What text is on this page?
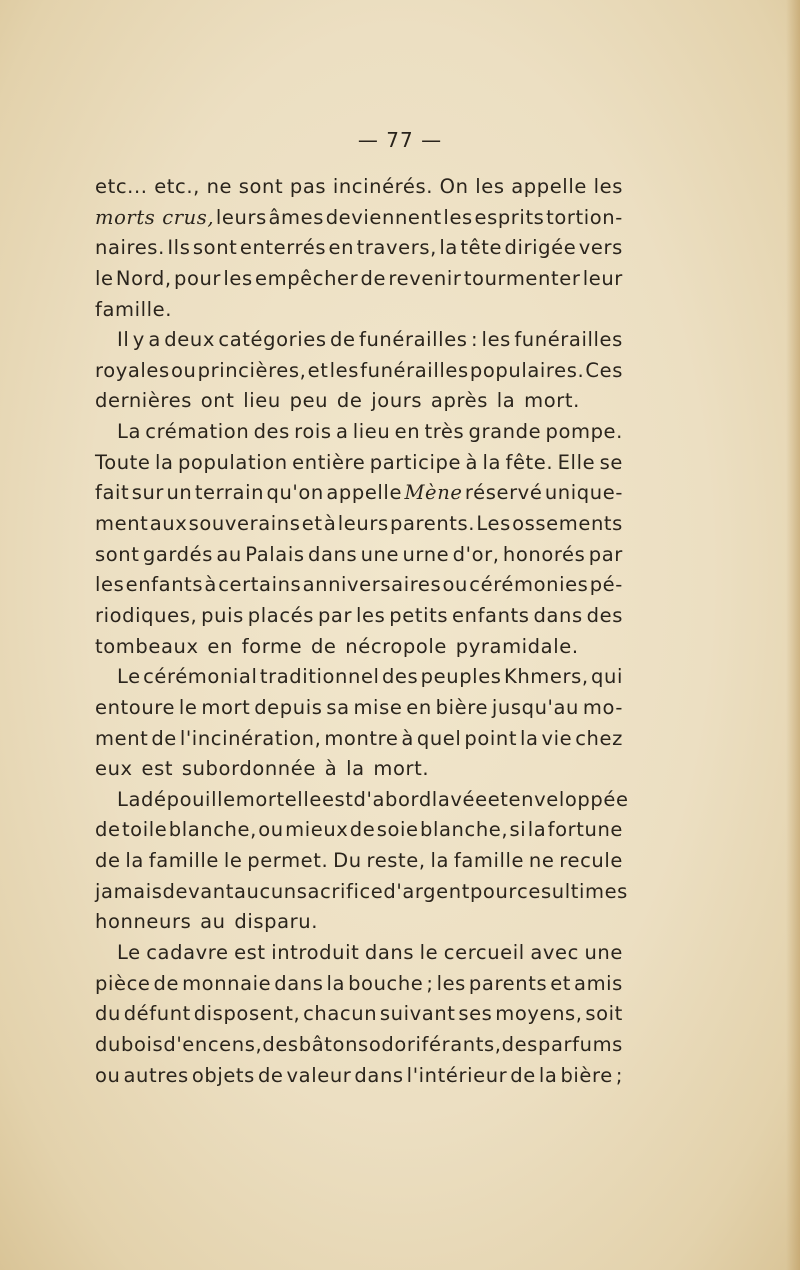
— 77 —
etc... etc., ne sont pas incinérés. On les appelle les
morts crus, leurs âmes deviennent les esprits tortion-
naires. Ils sont enterrés en travers, la tête dirigée vers
le Nord, pour les empêcher de revenir tourmenter leur
famille.
Il y a deux catégories de funérailles : les funérailles
royales ou princières, et les funérailles populaires. Ces
dernières ont lieu peu de jours après la mort.
La crémation des rois a lieu en très grande pompe.
Toute la population entière participe à la fête. Elle se
fait sur un terrain qu'on appelle Mène réservé unique-
ment aux souverains et à leurs parents. Les ossements
sont gardés au Palais dans une urne d'or, honorés par
les enfants à certains anniversaires ou cérémonies pé-
riodiques, puis placés par les petits enfants dans des
tombeaux en forme de nécropole pyramidale.
Le cérémonial traditionnel des peuples Khmers, qui
entoure le mort depuis sa mise en bière jusqu'au mo-
ment de l'incinération, montre à quel point la vie chez
eux est subordonnée à la mort.
La dépouille mortelle est d'abord lavée et enveloppée
de toile blanche, ou mieux de soie blanche, si la fortune
de la famille le permet. Du reste, la famille ne recule
jamais devant aucun sacrifice d'argent pour ces ultimes
honneurs au disparu.
Le cadavre est introduit dans le cercueil avec une
pièce de monnaie dans la bouche ; les parents et amis
du défunt disposent, chacun suivant ses moyens, soit
du bois d'encens, des bâtons odoriférants, des parfums
ou autres objets de valeur dans l'intérieur de la bière ;
